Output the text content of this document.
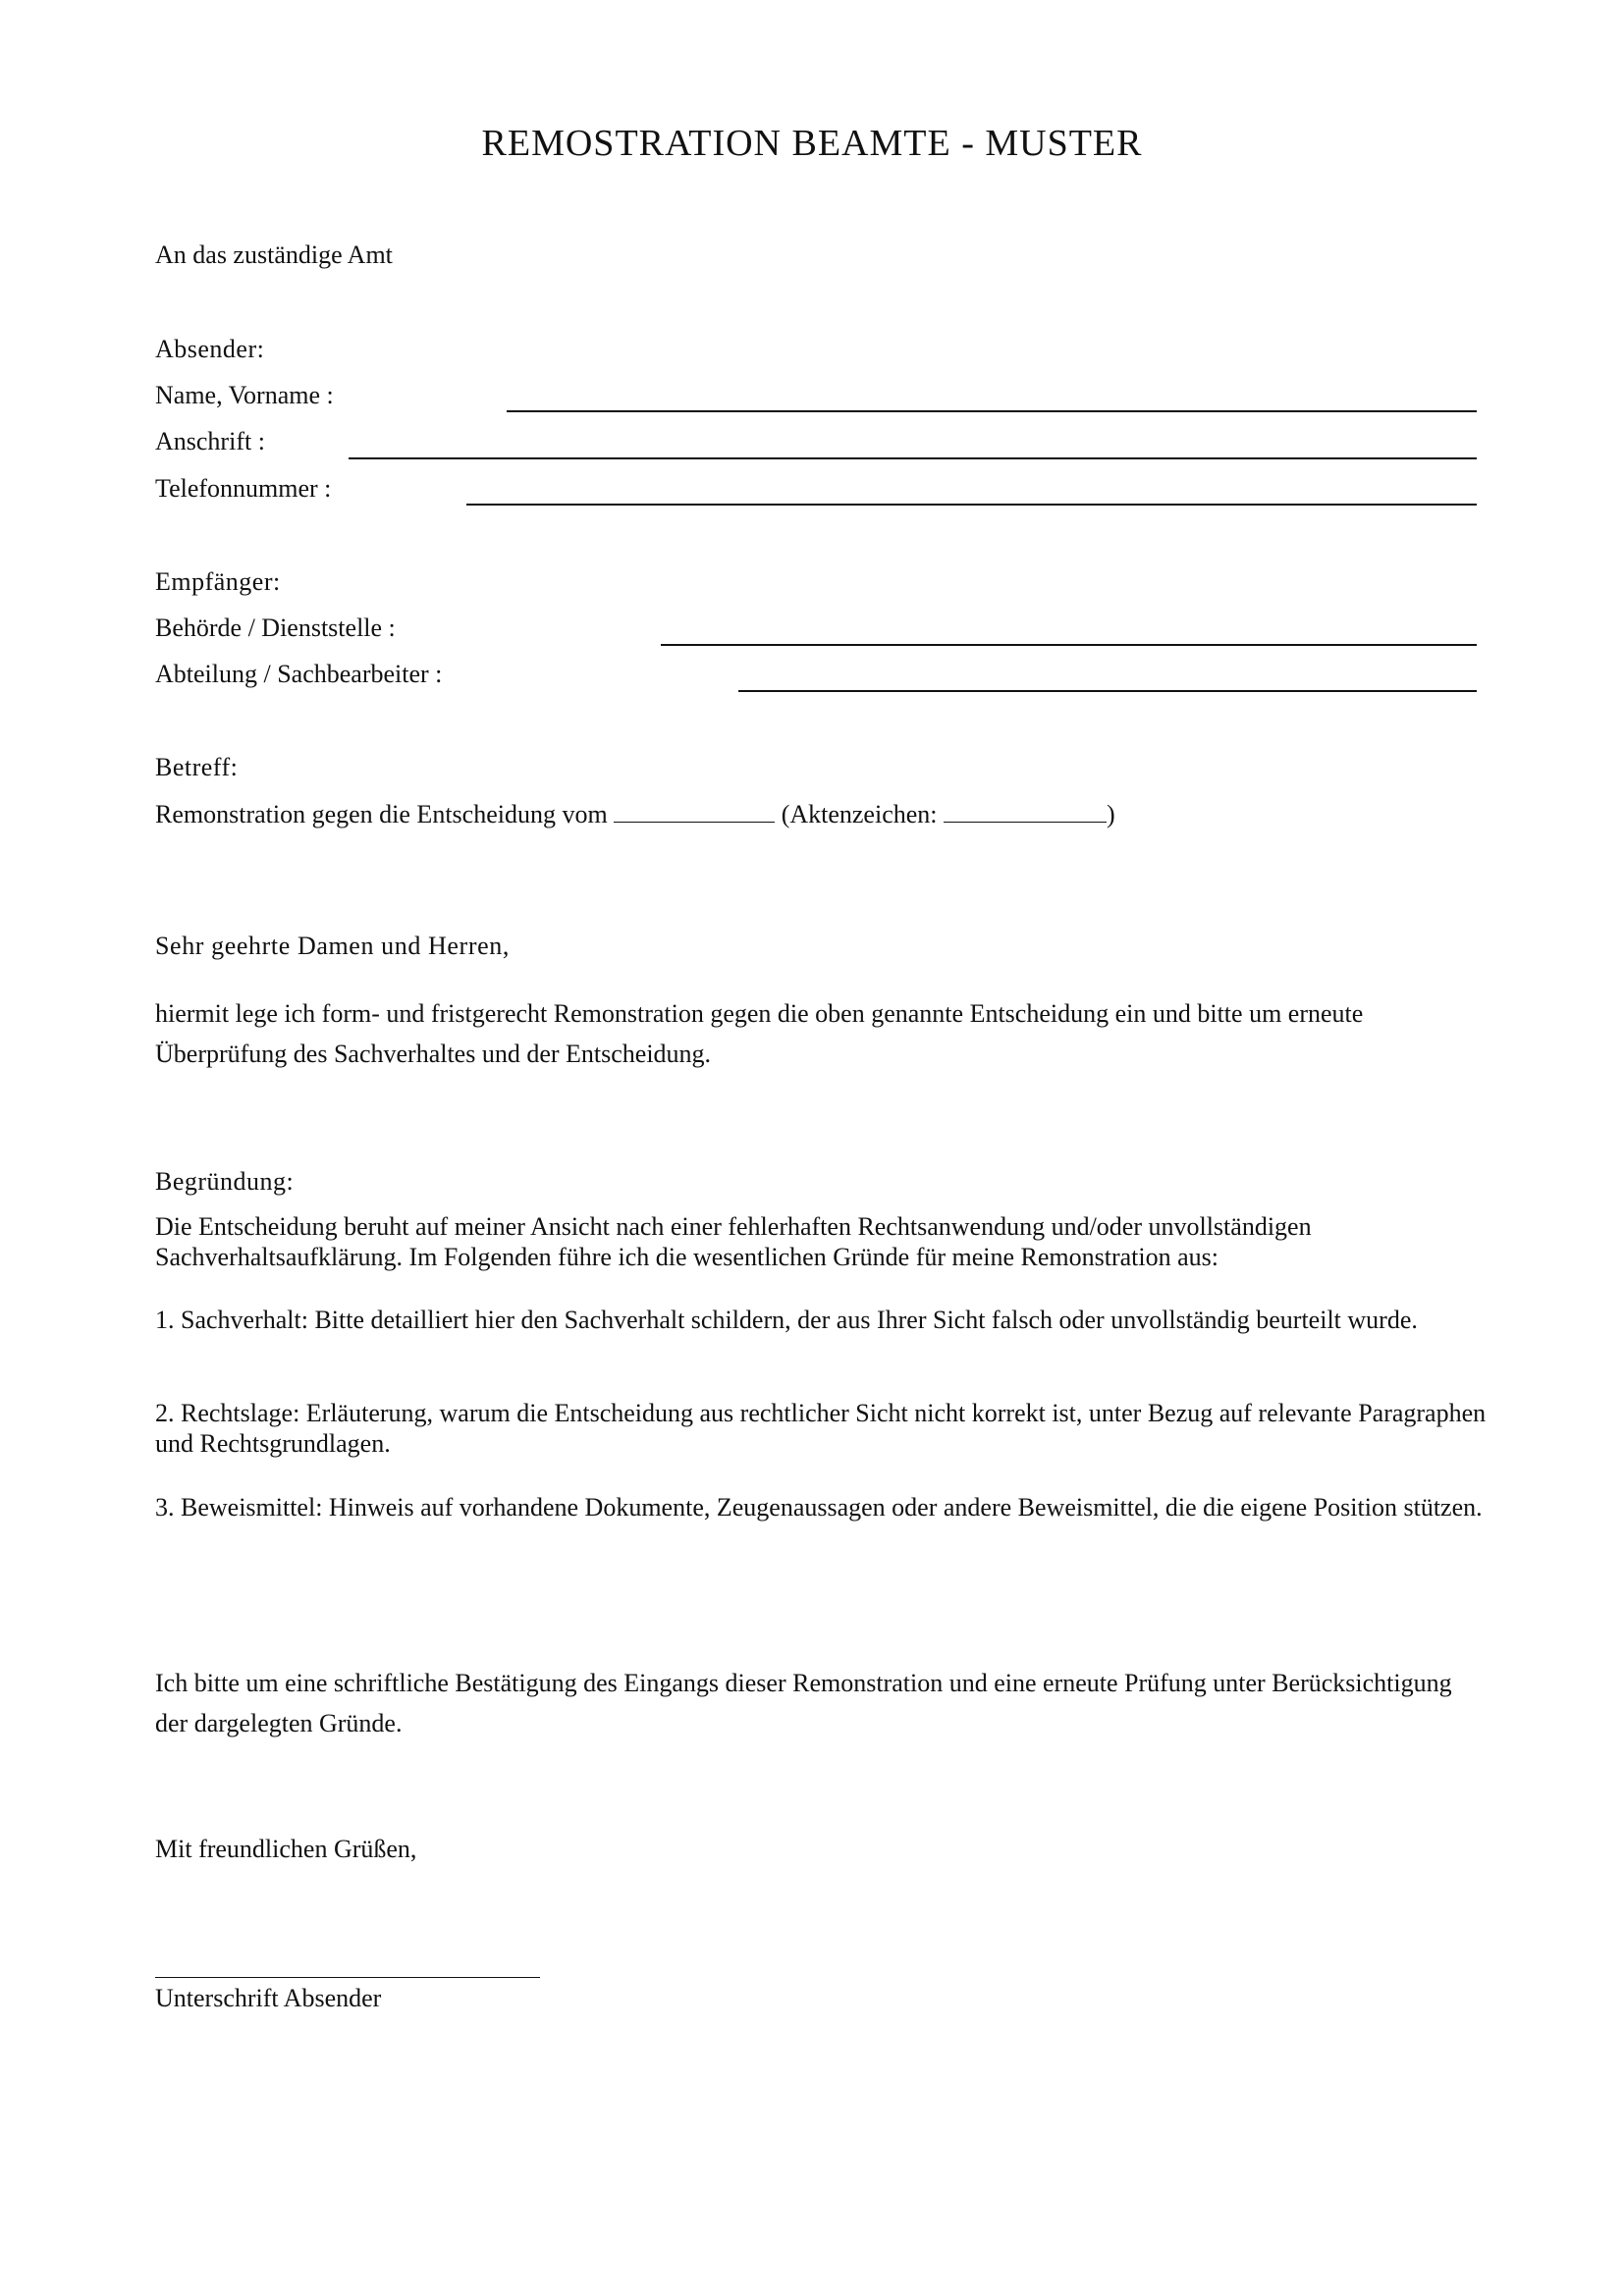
REMOSTRATION BEAMTE - MUSTER
An das zuständige Amt
Absender:
Name, Vorname :
Anschrift :
Telefonnummer :
Empfänger:
Behörde / Dienststelle :
Abteilung / Sachbearbeiter :
Betreff:
Remonstration gegen die Entscheidung vom	(Aktenzeichen:	)
Sehr geehrte Damen und Herren,
hiermit lege ich form- und fristgerecht Remonstration gegen die oben genannte Entscheidung ein und bitte um erneute Überprüfung des Sachverhaltes und der Entscheidung.
Begründung:
Die Entscheidung beruht auf meiner Ansicht nach einer fehlerhaften Rechtsanwendung und/oder unvollständigen Sachverhaltsaufklärung. Im Folgenden führe ich die wesentlichen Gründe für meine Remonstration aus:
1. Sachverhalt: Bitte detailliert hier den Sachverhalt schildern, der aus Ihrer Sicht falsch oder unvollständig beurteilt wurde.
2. Rechtslage: Erläuterung, warum die Entscheidung aus rechtlicher Sicht nicht korrekt ist, unter Bezug auf relevante Paragraphen und Rechtsgrundlagen.
3. Beweismittel: Hinweis auf vorhandene Dokumente, Zeugenaussagen oder andere Beweismittel, die die eigene Position stützen.
Ich bitte um eine schriftliche Bestätigung des Eingangs dieser Remonstration und eine erneute Prüfung unter Berücksichtigung der dargelegten Gründe.
Mit freundlichen Grüßen,
Unterschrift Absender
